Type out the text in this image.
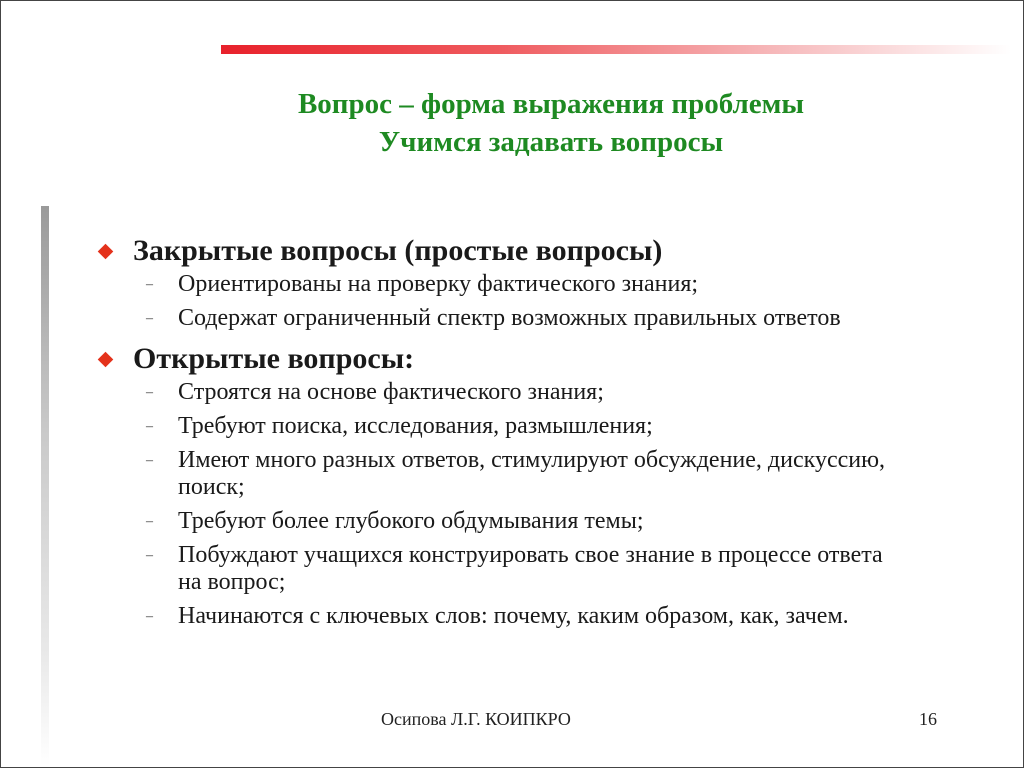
Вопрос – форма выражения проблемы
Учимся задавать вопросы
Закрытые вопросы (простые вопросы)
–	Ориентированы на проверку фактического знания;
–	Содержат ограниченный спектр возможных правильных ответов
Открытые вопросы:
–	Строятся на основе фактического знания;
–	Требуют поиска, исследования, размышления;
–	Имеют много разных ответов, стимулируют обсуждение, дискуссию, поиск;
–	Требуют более глубокого обдумывания темы;
–	Побуждают учащихся конструировать свое знание в процессе ответа на вопрос;
–	Начинаются с ключевых слов: почему, каким образом, как, зачем.
Осипова Л.Г. КОИПКРО	16
